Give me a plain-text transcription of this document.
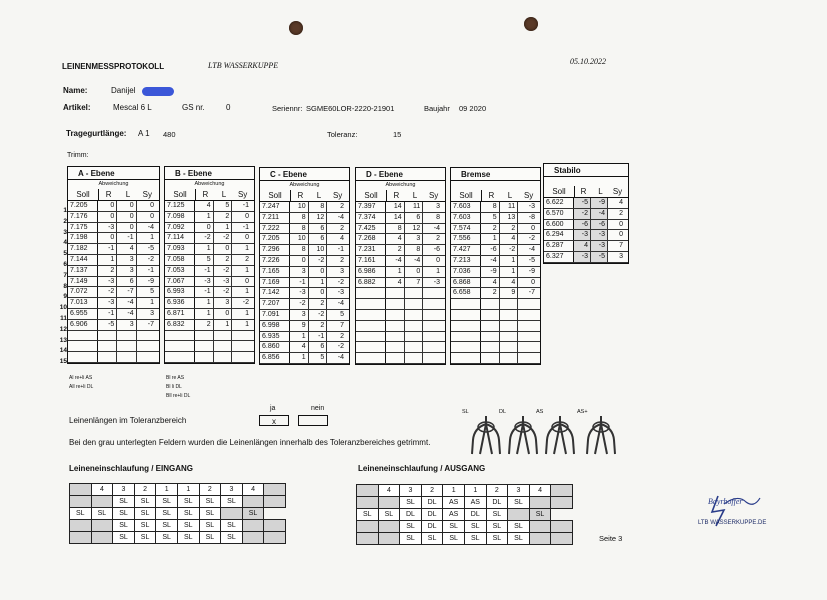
LEINENMESSPROTOKOLL	LTB WASSERKUPPE	05.10.2022
Name:	Danijel
Artikel:	Mescal 6 L	GS nr.	0	Seriennr: SGME60LOR-2220-21901	Baujahr 09 2020
Tragegurtlänge: A 1 480	Toleranz:	15
Trimm:
1
2
3
4
5
6
7
8
9
10
11
12
13
14
15
A - Ebene
Abweichung
Soll	R	L	Sy
7.205	0	0	0
7.176	0	0	0
7.175	-3	0	-4
7.198	0	-1	1
7.182	-1	4	-5
7.144	1	3	-2
7.137	2	3	-1
7.149	-3	6	-9
7.072	-2	-7	5
7.013	-3	-4	1
6.955	-1	-4	3
6.906	-5	3	-7
B - Ebene
Abweichung
Soll	R	L	Sy
7.125	4	5	-1
7.098	1	2	0
7.092	0	1	-1
7.114	-2	-2	0
7.093	1	0	1
7.058	5	2	2
7.053	-1	-2	1
7.067	-3	-3	0
6.993	-1	-2	1
6.936	1	3	-2
6.871	1	0	1
6.832	2	1	1
C - Ebene
Abweichung
Soll	R	L	Sy
7.247	10	8	2
7.211	8	12	-4
7.222	8	6	2
7.205	10	6	4
7.296	8	10	-1
7.226	0	-2	2
7.165	3	0	3
7.169	-1	1	-2
7.142	-3	0	-3
7.207	-2	2	-4
7.091	3	-2	5
6.998	9	2	7
6.935	1	-1	2
6.860	4	6	-2
6.856	1	5	-4
D - Ebene
Abweichung
Soll	R	L	Sy
7.397	14	11	3
7.374	14	6	8
7.425	8	12	-4
7.268	4	3	2
7.231	2	8	-6
7.161	-4	-4	0
6.986	1	0	1
6.882	4	7	-3
Bremse
Soll	R	L	Sy
7.603	8	11	-3
7.603	5	13	-8
7.574	2	2	0
7.556	1	4	-2
7.427	-6	-2	-4
7.213	-4	1	-5
7.036	-9	1	-9
6.868	4	4	0
6.658	2	9	-7
Stabilo
Soll	R	L	Sy
6.622	-5	-9	4
6.570	-2	-4	2
6.600	-6	-6	0
6.294	-3	-3	0
6.287	4	-3	7
6.327	-3	-5	3
Al re+li AS
All re+li DL
Bl re AS
Bl li DL
Bll re+li DL
Leinenlängen im Toleranzbereich
ja	nein
x
Bei den grau unterlegten Feldern wurden die Leinenlängen innerhalb des Toleranzbereiches getrimmt.
SL	DL	AS	AS+
Leineneinschlaufung / EINGANG	Leineneinschlaufung / AUSGANG
	4	3	2	1	1	2	3	4	
		SL	SL	SL	SL	SL	SL		
SL	SL	SL	SL	SL	SL	SL		SL	
		SL	SL	SL	SL	SL	SL		
		SL	SL	SL	SL	SL	SL		
	4	3	2	1	1	2	3	4	
		SL	DL	AS	AS	DL	SL		
SL	SL	DL	DL	AS	DL	SL		SL	
		SL	DL	SL	SL	SL	SL		
		SL	SL	SL	SL	SL	SL		
Bayrhoffer
LTB WASSERKUPPE.DE
Seite 3
